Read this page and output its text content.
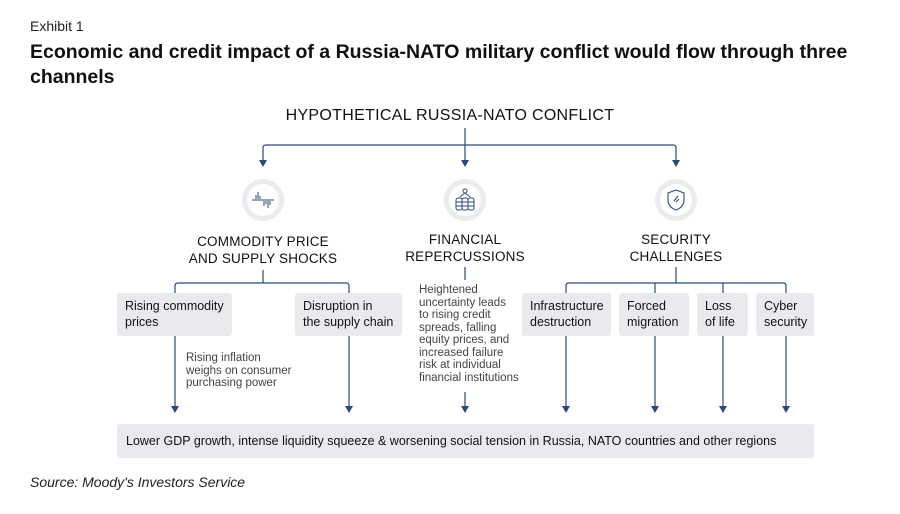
Exhibit 1
Economic and credit impact of a Russia-NATO military conflict would flow through three channels
HYPOTHETICAL RUSSIA-NATO CONFLICT
COMMODITY PRICE
AND SUPPLY SHOCKS
FINANCIAL
REPERCUSSIONS
SECURITY
CHALLENGES
Rising commodity
prices
Disruption in
the supply chain
Rising inflation
weighs on consumer
purchasing power
Heightened
uncertainty leads
to rising credit
spreads, falling
equity prices, and
increased failure
risk at individual
financial institutions
Infrastructure
destruction
Forced
migration
Loss
of life
Cyber
security
Lower GDP growth, intense liquidity squeeze & worsening social tension in Russia, NATO countries and other regions
Source: Moody's Investors Service
